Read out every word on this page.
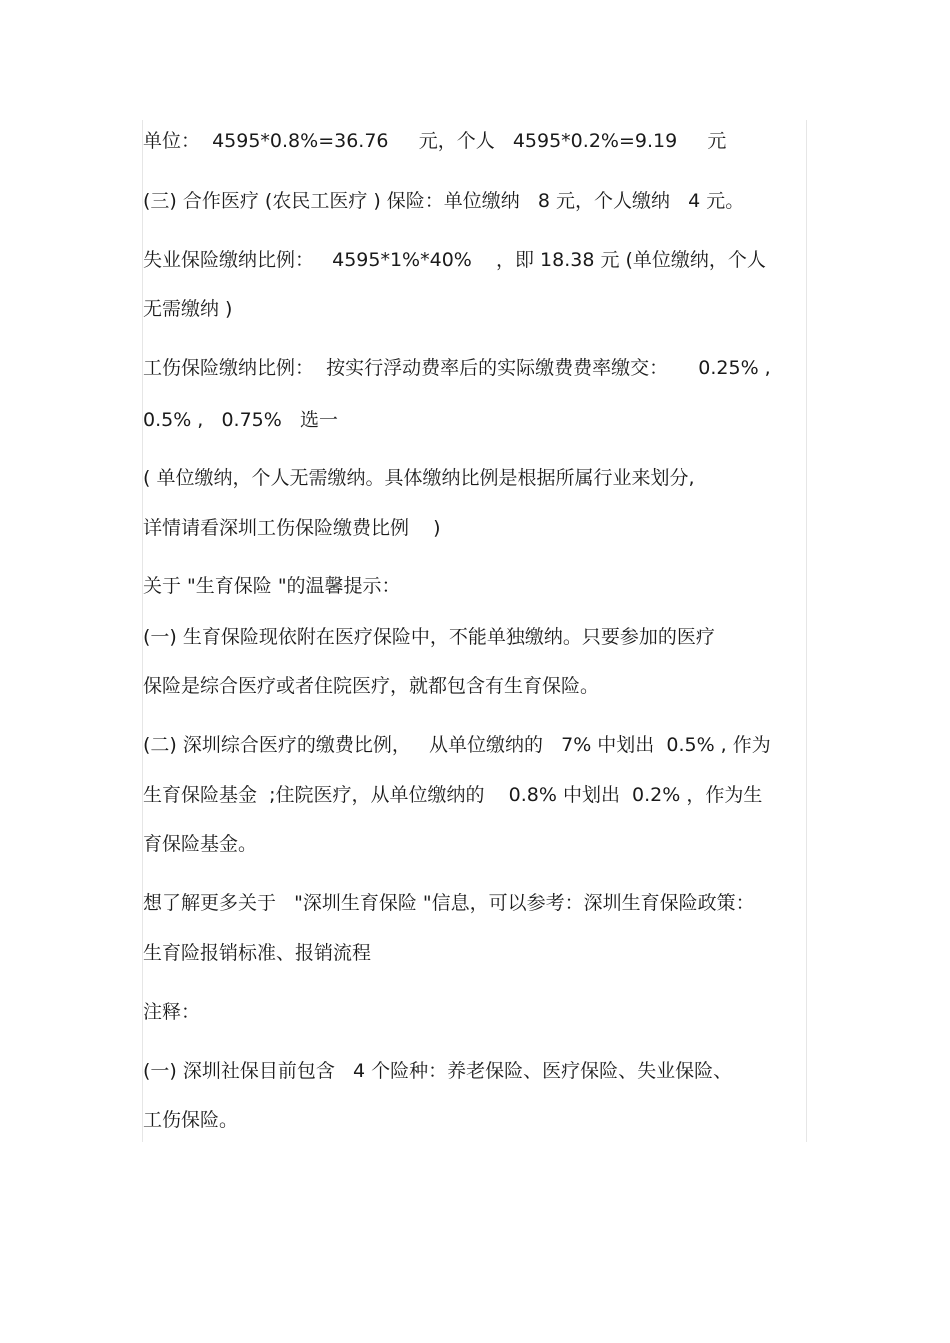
单位：  4595*0.8%=36.76     元，个人   4595*0.2%=9.19     元
(三) 合作医疗 (农民工医疗 ) 保险：单位缴纳   8 元，个人缴纳   4 元。
失业保险缴纳比例：   4595*1%*40%    ，即 18.38 元 (单位缴纳，个人
无需缴纳 )
工伤保险缴纳比例：  按实行浮动费率后的实际缴费费率缴交：     0.25% ,
0.5% ,   0.75%   选一
( 单位缴纳，个人无需缴纳。具体缴纳比例是根据所属行业来划分,
详情请看深圳工伤保险缴费比例    )
关于 "生育保险 "的温馨提示：
(一) 生育保险现依附在医疗保险中，不能单独缴纳。只要参加的医疗
保险是综合医疗或者住院医疗，就都包含有生育保险。
(二) 深圳综合医疗的缴费比例，   从单位缴纳的   7% 中划出  0.5% , 作为
生育保险基金  ;住院医疗，从单位缴纳的    0.8% 中划出  0.2% ，作为生
育保险基金。
想了解更多关于   "深圳生育保险 "信息，可以参考：深圳生育保险政策：
生育险报销标准、报销流程
注释：
(一) 深圳社保目前包含   4 个险种：养老保险、医疗保险、失业保险、
工伤保险。
